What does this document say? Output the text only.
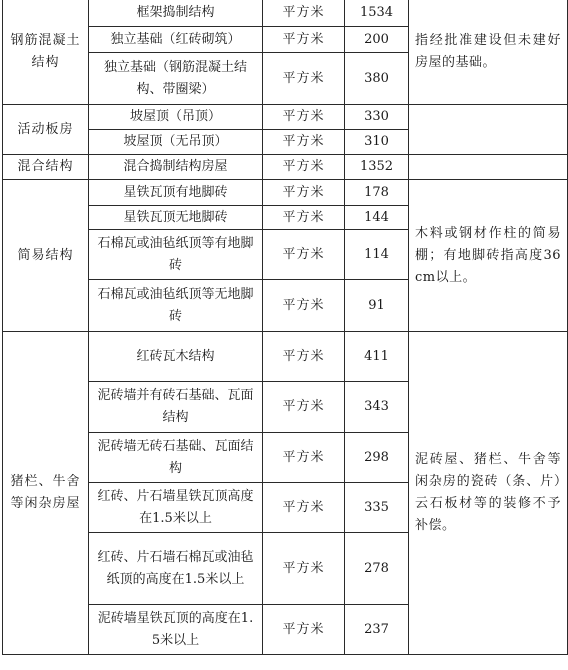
钢筋混凝土结构	框架捣制结构	平方米	1534	指经批准建设但未建好房屋的基础。
	独立基础（红砖砌筑）	平方米	200	
	独立基础（钢筋混凝土结构、带圈梁）	平方米	380	
活动板房	坡屋顶（吊顶）	平方米	330	
	坡屋顶（无吊顶）	平方米	310	
混合结构	混合捣制结构房屋	平方米	1352	
简易结构	星铁瓦顶有地脚砖	平方米	178	木料或钢材作柱的简易棚；有地脚砖指高度36cm以上。
	星铁瓦顶无地脚砖	平方米	144	
	石棉瓦或油毡纸顶等有地脚砖	平方米	114	
	石棉瓦或油毡纸顶等无地脚砖	平方米	91	
猪栏、牛舍等闲杂房屋	红砖瓦木结构	平方米	411	泥砖屋、猪栏、牛舍等闲杂房的瓷砖（条、片）云石板材等的装修不予补偿。
	泥砖墙并有砖石基础、瓦面结构	平方米	343	
	泥砖墙无砖石基础、瓦面结构	平方米	298	
	红砖、片石墙星铁瓦顶高度在1.5米以上	平方米	335	
	红砖、片石墙石棉瓦或油毡纸顶的高度在1.5米以上	平方米	278	
	泥砖墙星铁瓦顶的高度在1.5米以上	平方米	237	
